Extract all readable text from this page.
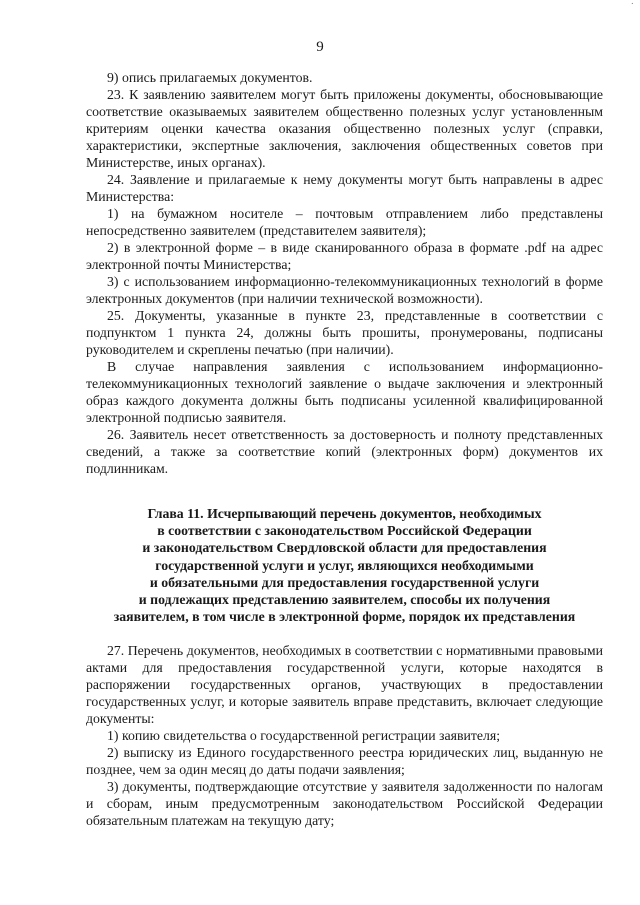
˙
9

9) опись прилагаемых документов.

23. К заявлению заявителем могут быть приложены документы, обосновывающие соответствие оказываемых заявителем общественно полезных услуг установленным критериям оценки качества оказания общественно полезных услуг (справки, характеристики, экспертные заключения, заключения общественных советов при Министерстве, иных органах).

24. Заявление и прилагаемые к нему документы могут быть направлены в адрес Министерства:

1) на бумажном носителе – почтовым отправлением либо представлены непосредственно заявителем (представителем заявителя);

2) в электронной форме – в виде сканированного образа в формате .pdf на адрес электронной почты Министерства;

3) с использованием информационно-телекоммуникационных технологий в форме электронных документов (при наличии технической возможности).

25. Документы, указанные в пункте 23, представленные в соответствии с подпунктом 1 пункта 24, должны быть прошиты, пронумерованы, подписаны руководителем и скреплены печатью (при наличии).

В случае направления заявления с использованием информационно-телекоммуникационных технологий заявление о выдаче заключения и электронный образ каждого документа должны быть подписаны усиленной квалифицированной электронной подписью заявителя.

26. Заявитель несет ответственность за достоверность и полноту представленных сведений, а также за соответствие копий (электронных форм) документов их подлинникам.

Глава 11. Исчерпывающий перечень документов, необходимых
в соответствии с законодательством Российской Федерации
и законодательством Свердловской области для предоставления
государственной услуги и услуг, являющихся необходимыми
и обязательными для предоставления государственной услуги
и подлежащих представлению заявителем, способы их получения
заявителем, в том числе в электронной форме, порядок их представления

27. Перечень документов, необходимых в соответствии с нормативными правовыми актами для предоставления государственной услуги, которые находятся в распоряжении государственных органов, участвующих в предоставлении государственных услуг, и которые заявитель вправе представить, включает следующие документы:

1) копию свидетельства о государственной регистрации заявителя;

2) выписку из Единого государственного реестра юридических лиц, выданную не позднее, чем за один месяц до даты подачи заявления;

3) документы, подтверждающие отсутствие у заявителя задолженности по налогам и сборам, иным предусмотренным законодательством Российской Федерации обязательным платежам на текущую дату;
